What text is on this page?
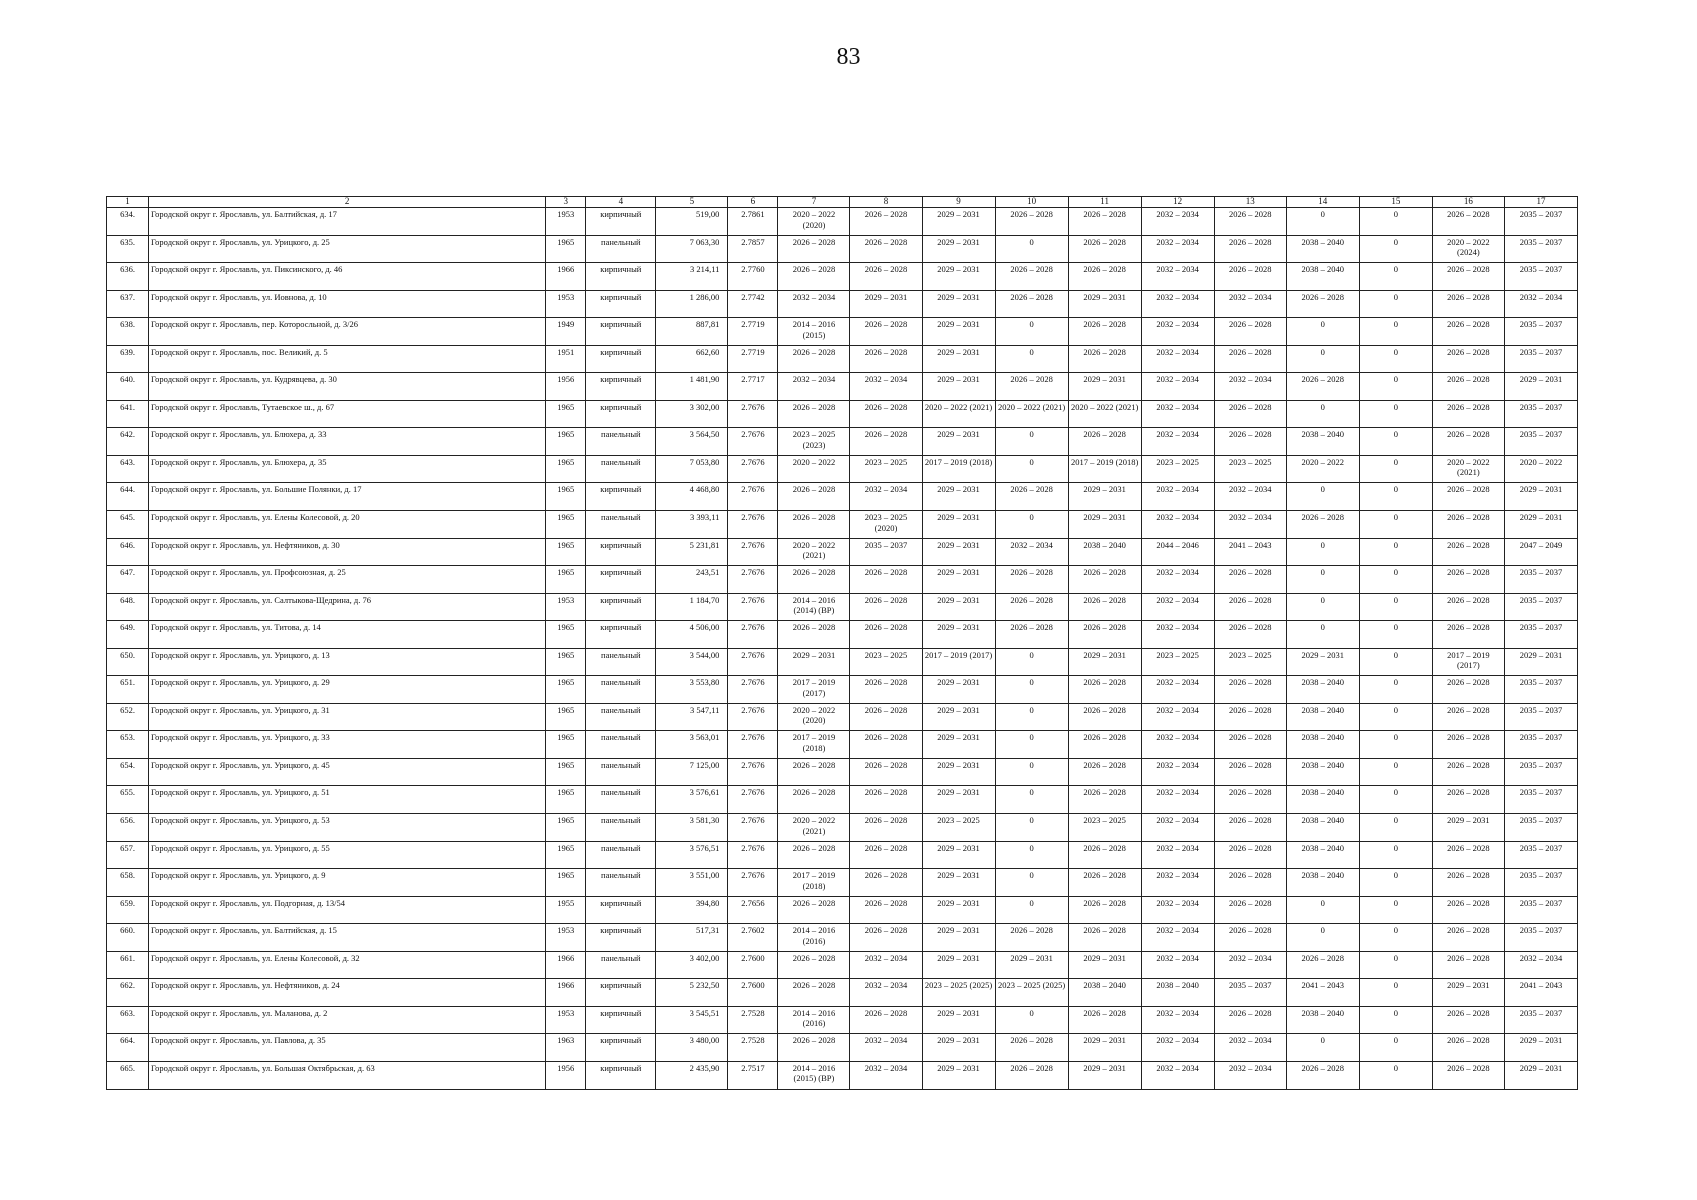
83
1	2	3	4	5	6	7	8	9	10	11	12	13	14	15	16	17
634.	Городской округ г. Ярославль, ул. Балтийская, д. 17	1953	кирпичный	519,00	2.7861	2020 – 2022 (2020)	2026 – 2028	2029 – 2031	2026 – 2028	2026 – 2028	2032 – 2034	2026 – 2028	0	0	2026 – 2028	2035 – 2037
635.	Городской округ г. Ярославль, ул. Урицкого, д. 25	1965	панельный	7 063,30	2.7857	2026 – 2028	2026 – 2028	2029 – 2031	0	2026 – 2028	2032 – 2034	2026 – 2028	2038 – 2040	0	2020 – 2022 (2024)	2035 – 2037
636.	Городской округ г. Ярославль, ул. Пиксинского, д. 46	1966	кирпичный	3 214,11	2.7760	2026 – 2028	2026 – 2028	2029 – 2031	2026 – 2028	2026 – 2028	2032 – 2034	2026 – 2028	2038 – 2040	0	2026 – 2028	2035 – 2037
637.	Городской округ г. Ярославль, ул. Иовнова, д. 10	1953	кирпичный	1 286,00	2.7742	2032 – 2034	2029 – 2031	2029 – 2031	2026 – 2028	2029 – 2031	2032 – 2034	2032 – 2034	2026 – 2028	0	2026 – 2028	2032 – 2034
638.	Городской округ г. Ярославль, пер. Которосльной, д. 3/26	1949	кирпичный	887,81	2.7719	2014 – 2016 (2015)	2026 – 2028	2029 – 2031	0	2026 – 2028	2032 – 2034	2026 – 2028	0	0	2026 – 2028	2035 – 2037
639.	Городской округ г. Ярославль, пос. Великий, д. 5	1951	кирпичный	662,60	2.7719	2026 – 2028	2026 – 2028	2029 – 2031	0	2026 – 2028	2032 – 2034	2026 – 2028	0	0	2026 – 2028	2035 – 2037
640.	Городской округ г. Ярославль, ул. Кудрявцева, д. 30	1956	кирпичный	1 481,90	2.7717	2032 – 2034	2032 – 2034	2029 – 2031	2026 – 2028	2029 – 2031	2032 – 2034	2032 – 2034	2026 – 2028	0	2026 – 2028	2029 – 2031
641.	Городской округ г. Ярославль, Тутаевское ш., д. 67	1965	кирпичный	3 302,00	2.7676	2026 – 2028	2026 – 2028	2020 – 2022 (2021)	2020 – 2022 (2021)	2020 – 2022 (2021)	2032 – 2034	2026 – 2028	0	0	2026 – 2028	2035 – 2037
642.	Городской округ г. Ярославль, ул. Блюхера, д. 33	1965	панельный	3 564,50	2.7676	2023 – 2025 (2023)	2026 – 2028	2029 – 2031	0	2026 – 2028	2032 – 2034	2026 – 2028	2038 – 2040	0	2026 – 2028	2035 – 2037
643.	Городской округ г. Ярославль, ул. Блюхера, д. 35	1965	панельный	7 053,80	2.7676	2020 – 2022	2023 – 2025	2017 – 2019 (2018)	0	2017 – 2019 (2018)	2023 – 2025	2023 – 2025	2020 – 2022	0	2020 – 2022 (2021)	2020 – 2022
644.	Городской округ г. Ярославль, ул. Большие Полянки, д. 17	1965	кирпичный	4 468,80	2.7676	2026 – 2028	2032 – 2034	2029 – 2031	2026 – 2028	2029 – 2031	2032 – 2034	2032 – 2034	0	0	2026 – 2028	2029 – 2031
645.	Городской округ г. Ярославль, ул. Елены Колесовой, д. 20	1965	панельный	3 393,11	2.7676	2026 – 2028	2023 – 2025 (2020)	2029 – 2031	0	2029 – 2031	2032 – 2034	2032 – 2034	2026 – 2028	0	2026 – 2028	2029 – 2031
646.	Городской округ г. Ярославль, ул. Нефтяников, д. 30	1965	кирпичный	5 231,81	2.7676	2020 – 2022 (2021)	2035 – 2037	2029 – 2031	2032 – 2034	2038 – 2040	2044 – 2046	2041 – 2043	0	0	2026 – 2028	2047 – 2049
647.	Городской округ г. Ярославль, ул. Профсоюзная, д. 25	1965	кирпичный	243,51	2.7676	2026 – 2028	2026 – 2028	2029 – 2031	2026 – 2028	2026 – 2028	2032 – 2034	2026 – 2028	0	0	2026 – 2028	2035 – 2037
648.	Городской округ г. Ярославль, ул. Салтыкова-Щедрина, д. 76	1953	кирпичный	1 184,70	2.7676	2014 – 2016 (2014) (ВР)	2026 – 2028	2029 – 2031	2026 – 2028	2026 – 2028	2032 – 2034	2026 – 2028	0	0	2026 – 2028	2035 – 2037
649.	Городской округ г. Ярославль, ул. Титова, д. 14	1965	кирпичный	4 506,00	2.7676	2026 – 2028	2026 – 2028	2029 – 2031	2026 – 2028	2026 – 2028	2032 – 2034	2026 – 2028	0	0	2026 – 2028	2035 – 2037
650.	Городской округ г. Ярославль, ул. Урицкого, д. 13	1965	панельный	3 544,00	2.7676	2029 – 2031	2023 – 2025	2017 – 2019 (2017)	0	2029 – 2031	2023 – 2025	2023 – 2025	2029 – 2031	0	2017 – 2019 (2017)	2029 – 2031
651.	Городской округ г. Ярославль, ул. Урицкого, д. 29	1965	панельный	3 553,80	2.7676	2017 – 2019 (2017)	2026 – 2028	2029 – 2031	0	2026 – 2028	2032 – 2034	2026 – 2028	2038 – 2040	0	2026 – 2028	2035 – 2037
652.	Городской округ г. Ярославль, ул. Урицкого, д. 31	1965	панельный	3 547,11	2.7676	2020 – 2022 (2020)	2026 – 2028	2029 – 2031	0	2026 – 2028	2032 – 2034	2026 – 2028	2038 – 2040	0	2026 – 2028	2035 – 2037
653.	Городской округ г. Ярославль, ул. Урицкого, д. 33	1965	панельный	3 563,01	2.7676	2017 – 2019 (2018)	2026 – 2028	2029 – 2031	0	2026 – 2028	2032 – 2034	2026 – 2028	2038 – 2040	0	2026 – 2028	2035 – 2037
654.	Городской округ г. Ярославль, ул. Урицкого, д. 45	1965	панельный	7 125,00	2.7676	2026 – 2028	2026 – 2028	2029 – 2031	0	2026 – 2028	2032 – 2034	2026 – 2028	2038 – 2040	0	2026 – 2028	2035 – 2037
655.	Городской округ г. Ярославль, ул. Урицкого, д. 51	1965	панельный	3 576,61	2.7676	2026 – 2028	2026 – 2028	2029 – 2031	0	2026 – 2028	2032 – 2034	2026 – 2028	2038 – 2040	0	2026 – 2028	2035 – 2037
656.	Городской округ г. Ярославль, ул. Урицкого, д. 53	1965	панельный	3 581,30	2.7676	2020 – 2022 (2021)	2026 – 2028	2023 – 2025	0	2023 – 2025	2032 – 2034	2026 – 2028	2038 – 2040	0	2029 – 2031	2035 – 2037
657.	Городской округ г. Ярославль, ул. Урицкого, д. 55	1965	панельный	3 576,51	2.7676	2026 – 2028	2026 – 2028	2029 – 2031	0	2026 – 2028	2032 – 2034	2026 – 2028	2038 – 2040	0	2026 – 2028	2035 – 2037
658.	Городской округ г. Ярославль, ул. Урицкого, д. 9	1965	панельный	3 551,00	2.7676	2017 – 2019 (2018)	2026 – 2028	2029 – 2031	0	2026 – 2028	2032 – 2034	2026 – 2028	2038 – 2040	0	2026 – 2028	2035 – 2037
659.	Городской округ г. Ярославль, ул. Подгорная, д. 13/54	1955	кирпичный	394,80	2.7656	2026 – 2028	2026 – 2028	2029 – 2031	0	2026 – 2028	2032 – 2034	2026 – 2028	0	0	2026 – 2028	2035 – 2037
660.	Городской округ г. Ярославль, ул. Балтийская, д. 15	1953	кирпичный	517,31	2.7602	2014 – 2016 (2016)	2026 – 2028	2029 – 2031	2026 – 2028	2026 – 2028	2032 – 2034	2026 – 2028	0	0	2026 – 2028	2035 – 2037
661.	Городской округ г. Ярославль, ул. Елены Колесовой, д. 32	1966	панельный	3 402,00	2.7600	2026 – 2028	2032 – 2034	2029 – 2031	2029 – 2031	2029 – 2031	2032 – 2034	2032 – 2034	2026 – 2028	0	2026 – 2028	2032 – 2034
662.	Городской округ г. Ярославль, ул. Нефтяников, д. 24	1966	кирпичный	5 232,50	2.7600	2026 – 2028	2032 – 2034	2023 – 2025 (2025)	2023 – 2025 (2025)	2038 – 2040	2038 – 2040	2035 – 2037	2041 – 2043	0	2029 – 2031	2041 – 2043
663.	Городской округ г. Ярославль, ул. Маланова, д. 2	1953	кирпичный	3 545,51	2.7528	2014 – 2016 (2016)	2026 – 2028	2029 – 2031	0	2026 – 2028	2032 – 2034	2026 – 2028	2038 – 2040	0	2026 – 2028	2035 – 2037
664.	Городской округ г. Ярославль, ул. Павлова, д. 35	1963	кирпичный	3 480,00	2.7528	2026 – 2028	2032 – 2034	2029 – 2031	2026 – 2028	2029 – 2031	2032 – 2034	2032 – 2034	0	0	2026 – 2028	2029 – 2031
665.	Городской округ г. Ярославль, ул. Большая Октябрьская, д. 63	1956	кирпичный	2 435,90	2.7517	2014 – 2016 (2015) (ВР)	2032 – 2034	2029 – 2031	2026 – 2028	2029 – 2031	2032 – 2034	2032 – 2034	2026 – 2028	0	2026 – 2028	2029 – 2031
